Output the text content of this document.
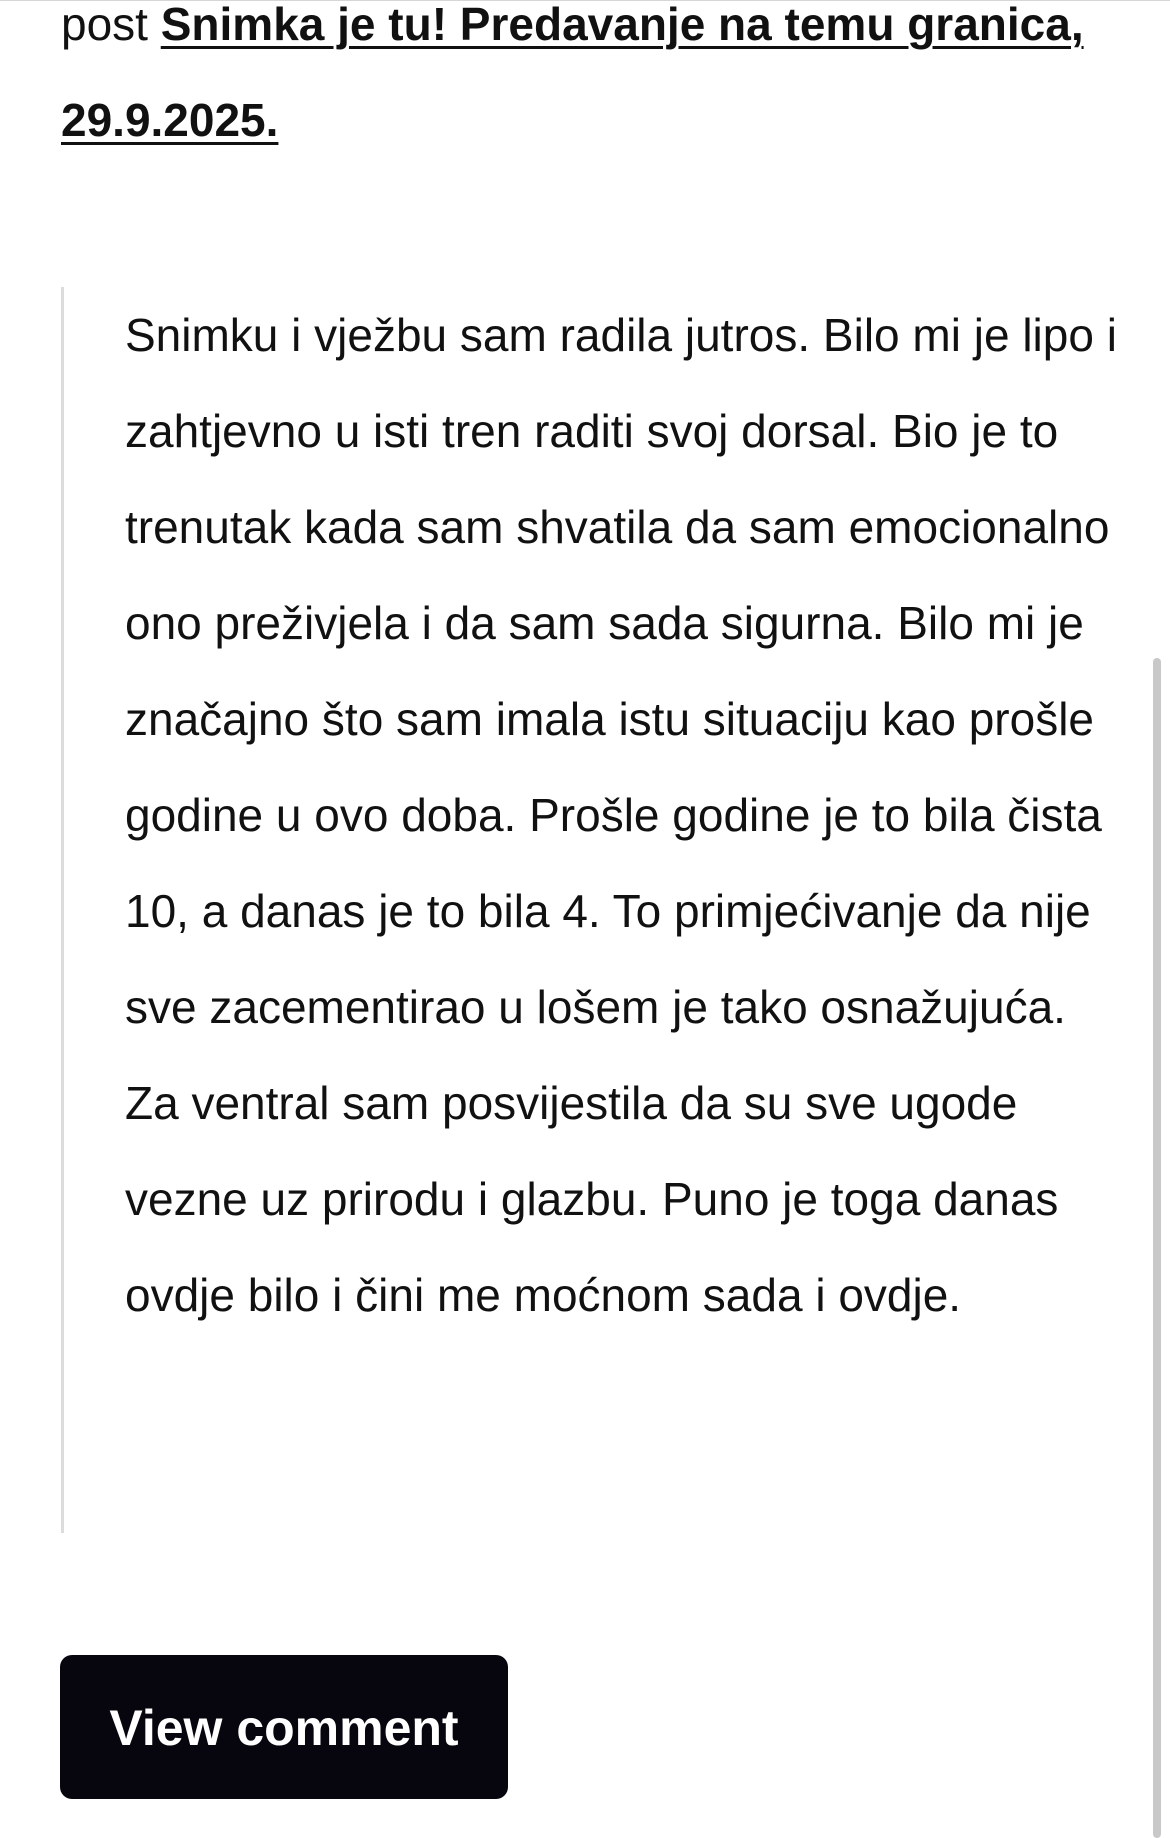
post Snimka je tu! Predavanje na temu granica, 29.9.2025.

Snimku i vježbu sam radila jutros. Bilo mi je lipo i zahtjevno u isti tren raditi svoj dorsal. Bio je to trenutak kada sam shvatila da sam emocionalno ono preživjela i da sam sada sigurna. Bilo mi je značajno što sam imala istu situaciju kao prošle godine u ovo doba. Prošle godine je to bila čista 10, a danas je to bila 4. To primjećivanje da nije sve zacementirao u lošem je tako osnažujuća. Za ventral sam posvijestila da su sve ugode vezne uz prirodu i glazbu. Puno je toga danas ovdje bilo i čini me moćnom sada i ovdje.

View comment
